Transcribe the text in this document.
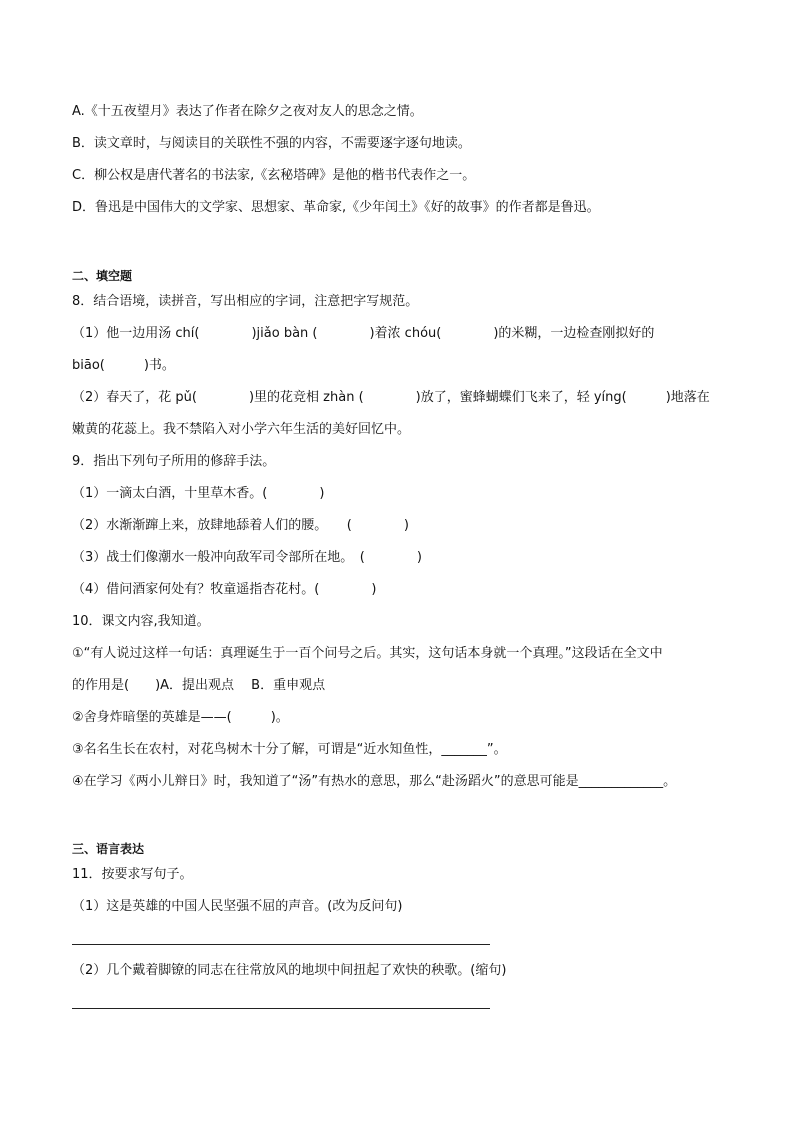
A.《十五夜望月》表达了作者在除夕之夜对友人的思念之情。
B．读文章时，与阅读目的关联性不强的内容，不需要逐字逐句地读。
C．柳公权是唐代著名的书法家,《玄秘塔碑》是他的楷书代表作之一。
D．鲁迅是中国伟大的文学家、思想家、革命家,《少年闰土》《好的故事》的作者都是鲁迅。
二、填空题
8．结合语境，读拼音，写出相应的字词，注意把字写规范。
（1）他一边用汤 chí(　　　　)jiǎo bàn (　　　　)着浓 chóu(　　　　)的米糊，一边检查刚拟好的
biāo(　　　)书。
（2）春天了，花 pǔ(　　　　)里的花竞相 zhàn (　　　　)放了，蜜蜂蝴蝶们飞来了，轻 yíng(　　　)地落在
嫩黄的花蕊上。我不禁陷入对小学六年生活的美好回忆中。
9．指出下列句子所用的修辞手法。
（1）一滴太白酒，十里草木香。(　　　　)
（2）水渐渐蹿上来，放肆地舔着人们的腰。　　(　　　　)
（3）战士们像潮水一般冲向敌军司令部所在地。　(　　　　)
（4）借问酒家何处有？牧童遥指杏花村。(　　　　)
10．课文内容,我知道。
①“有人说过这样一句话：真理诞生于一百个问号之后。其实，这句话本身就一个真理。”这段话在全文中
的作用是(　　)A．提出观点　 B．重申观点
②舍身炸暗堡的英雄是——(　　　)。
③名名生长在农村，对花鸟树木十分了解，可谓是“近水知鱼性，_______”。
④在学习《两小儿辩日》时，我知道了“汤”有热水的意思，那么“赴汤蹈火”的意思可能是_____________。
三、语言表达
11．按要求写句子。
（1）这是英雄的中国人民坚强不屈的声音。(改为反问句)
（2）几个戴着脚镣的同志在往常放风的地坝中间扭起了欢快的秧歌。(缩句)
